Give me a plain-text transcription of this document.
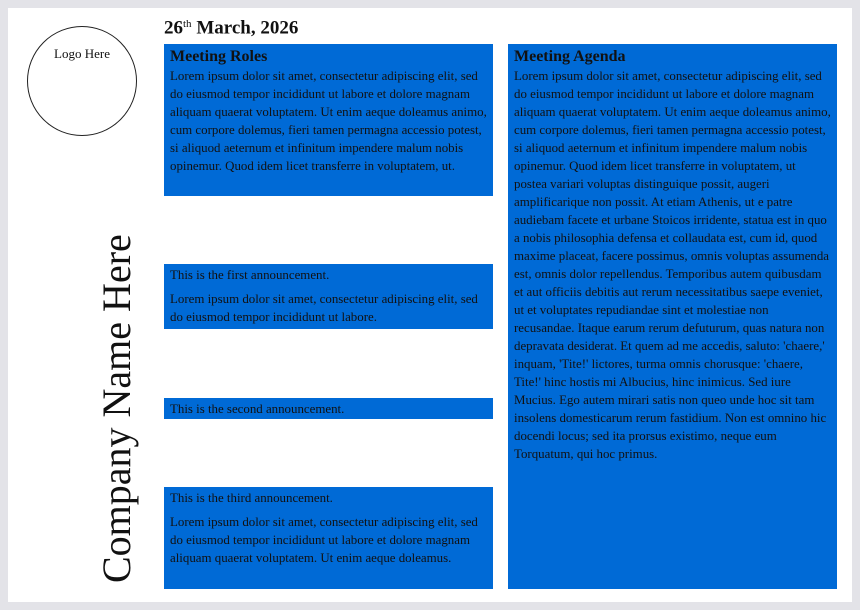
Logo Here
Company Name Here
26th March, 2026
Meeting Roles

Lorem ipsum dolor sit amet, consectetur adipiscing elit, sed do eiusmod tempor incididunt ut labore et dolore magnam aliquam quaerat voluptatem. Ut enim aeque doleamus animo, cum corpore dolemus, fieri tamen permagna accessio potest, si aliquod aeternum et infinitum impendere malum nobis opinemur. Quod idem licet transferre in voluptatem, ut.

This is the first announcement.

Lorem ipsum dolor sit amet, consectetur adipiscing elit, sed do eiusmod tempor incididunt ut labore.

This is the second announcement.

This is the third announcement.

Lorem ipsum dolor sit amet, consectetur adipiscing elit, sed do eiusmod tempor incididunt ut labore et dolore magnam aliquam quaerat voluptatem. Ut enim aeque doleamus.

Meeting Agenda

Lorem ipsum dolor sit amet, consectetur adipiscing elit, sed do eiusmod tempor incididunt ut labore et dolore magnam aliquam quaerat voluptatem. Ut enim aeque doleamus animo, cum corpore dolemus, fieri tamen permagna accessio potest, si aliquod aeternum et infinitum impendere malum nobis opinemur. Quod idem licet transferre in voluptatem, ut postea variari voluptas distinguique possit, augeri amplificarique non possit. At etiam Athenis, ut e patre audiebam facete et urbane Stoicos irridente, statua est in quo a nobis philosophia defensa et collaudata est, cum id, quod maxime placeat, facere possimus, omnis voluptas assumenda est, omnis dolor repellendus. Temporibus autem quibusdam et aut officiis debitis aut rerum necessitatibus saepe eveniet, ut et voluptates repudiandae sint et molestiae non recusandae. Itaque earum rerum defuturum, quas natura non depravata desiderat. Et quem ad me accedis, saluto: 'chaere,' inquam, 'Tite!' lictores, turma omnis chorusque: 'chaere, Tite!' hinc hostis mi Albucius, hinc inimicus. Sed iure Mucius. Ego autem mirari satis non queo unde hoc sit tam insolens domesticarum rerum fastidium. Non est omnino hic docendi locus; sed ita prorsus existimo, neque eum Torquatum, qui hoc primus.
